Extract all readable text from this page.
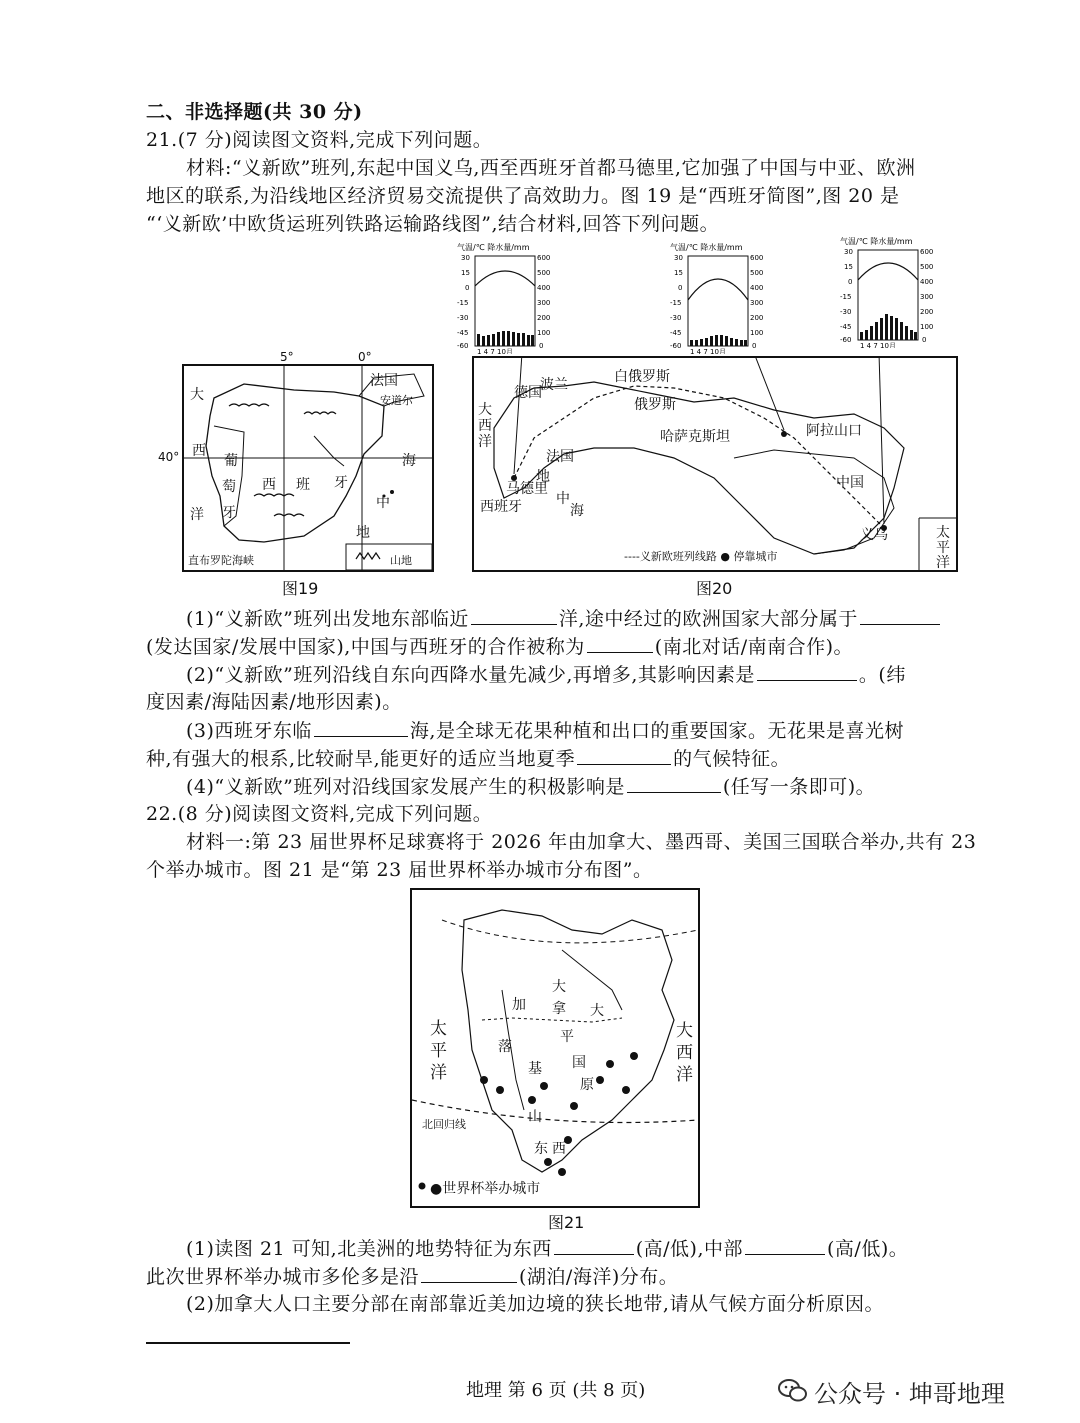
二、非选择题(共 30 分)
21.(7 分)阅读图文资料,完成下列问题。
材料:“义新欧”班列,东起中国义乌,西至西班牙首都马德里,它加强了中国与中亚、欧洲
地区的联系,为沿线地区经济贸易交流提供了高效助力。图 19 是“西班牙简图”,图 20 是
“‘义新欧’中欧货运班列铁路运输路线图”,结合材料,回答下列问题。
大
西
洋
葡
萄
牙
西 班 牙
法国
安道尔
海
中
地
直布罗陀海峡	山地
5°	0°
40°
图19
气温/℃ 降水量/mm
30
15
0
-15
-30
-45
-60
600
500
400
300
200
100
0
1 4 7 10月
气温/℃ 降水量/mm
30
15
0
-15
-30
-45
-60
600
500
400
300
200
100
0
1 4 7 10月
气温/℃ 降水量/mm
30
15
0
-15
-30
-45
-60
600
500
400
300
200
100
0
1 4 7 10月
波兰	白俄罗斯
俄罗斯
德国
大西洋
法国
地
马德里
中
西班牙	海
哈萨克斯坦	阿拉山口
中国
义乌	太平洋
----义新欧班列线路 ● 停靠城市
图20
(1)“义新欧”班列出发地东部临近	洋,途中经过的欧洲国家大部分属于
(发达国家/发展中国家),中国与西班牙的合作被称为	(南北对话/南南合作)。
(2)“义新欧”班列沿线自东向西降水量先减少,再增多,其影响因素是	。(纬
度因素/海陆因素/地形因素)。
(3)西班牙东临	海,是全球无花果种植和出口的重要国家。无花果是喜光树
种,有强大的根系,比较耐旱,能更好的适应当地夏季	的气候特征。
(4)“义新欧”班列对沿线国家发展产生的积极影响是	(任写一条即可)。
22.(8 分)阅读图文资料,完成下列问题。
材料一:第 23 届世界杯足球赛将于 2026 年由加拿大、墨西哥、美国三国联合举办,共有 23
个举办城市。图 21 是“第 23 届世界杯举办城市分布图”。
太平洋
大西洋
北回归线
加
大
拿 大
平
国
原
落
基
山
东 西
●世界杯举办城市
图21
(1)读图 21 可知,北美洲的地势特征为东西	(高/低),中部	(高/低)。
此次世界杯举办城市多伦多是沿	(湖泊/海洋)分布。
(2)加拿大人口主要分部在南部靠近美加边境的狭长地带,请从气候方面分析原因。
地理 第 6 页 (共 8 页)	公众号 · 坤哥地理
